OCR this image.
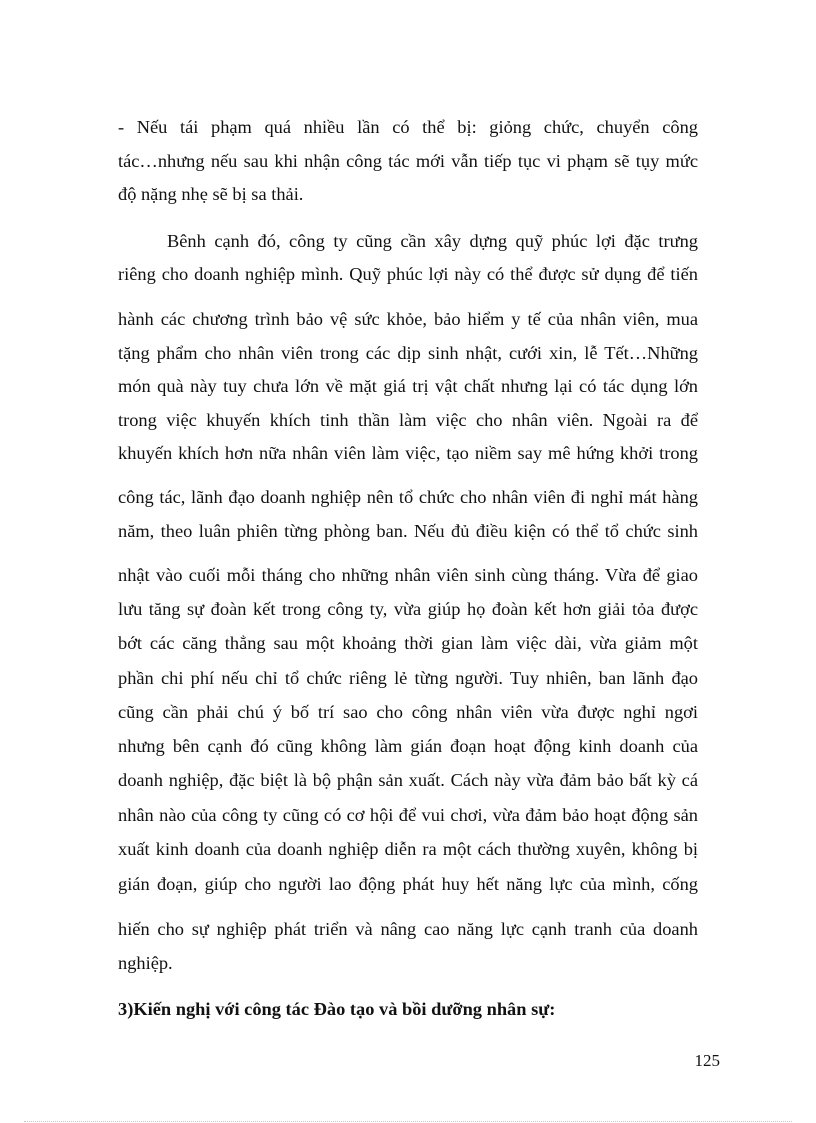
- Nếu tái phạm quá nhiều lần có thể bị: giỏng chức, chuyển công
tác…nhưng nếu sau khi nhận công tác mới vẫn tiếp tục vi phạm sẽ tụy mức
độ nặng nhẹ sẽ bị sa thải.
Bênh cạnh đó, công ty cũng cần xây dựng quỹ phúc lợi đặc trưng
riêng cho doanh nghiệp mình. Quỹ phúc lợi này có thể được sử dụng để tiến
hành các chương trình bảo vệ sức khỏe, bảo hiểm y tế của nhân viên, mua
tặng phẩm cho nhân viên trong các dịp sinh nhật, cưới xin, lễ Tết…Những
món quà này tuy chưa lớn về mặt giá trị vật chất nhưng lại có tác dụng lớn
trong việc khuyến khích tinh thần làm việc cho nhân viên. Ngoài ra để
khuyến khích hơn nữa nhân viên làm việc, tạo niềm say mê hứng khởi trong
công tác, lãnh đạo doanh nghiệp nên tổ chức cho nhân viên đi nghỉ mát hàng
năm, theo luân phiên từng phòng ban. Nếu đủ điều kiện có thể tổ chức sinh
nhật vào cuối mỗi tháng cho những nhân viên sinh cùng tháng. Vừa để giao
lưu tăng sự đoàn kết trong công ty, vừa giúp họ đoàn kết hơn giải tỏa được
bớt các căng thẳng sau một khoảng thời gian làm việc dài, vừa giảm một
phần chi phí nếu chỉ tổ chức riêng lẻ từng người. Tuy nhiên, ban lãnh đạo
cũng cần phải chú ý bố trí sao cho công nhân viên vừa được nghỉ ngơi
nhưng bên cạnh đó cũng không làm gián đoạn hoạt động kinh doanh của
doanh nghiệp, đặc biệt là bộ phận sản xuất. Cách này vừa đảm bảo bất kỳ cá
nhân nào của công ty cũng có cơ hội để vui chơi, vừa đảm bảo hoạt động sản
xuất kinh doanh của doanh nghiệp diễn ra một cách thường xuyên, không bị
gián đoạn, giúp cho người lao động phát huy hết năng lực của mình, cống
hiến cho sự nghiệp phát triển và nâng cao năng lực cạnh tranh của doanh
nghiệp.
3)Kiến nghị với công tác Đào tạo và bồi dưỡng nhân sự:
125
